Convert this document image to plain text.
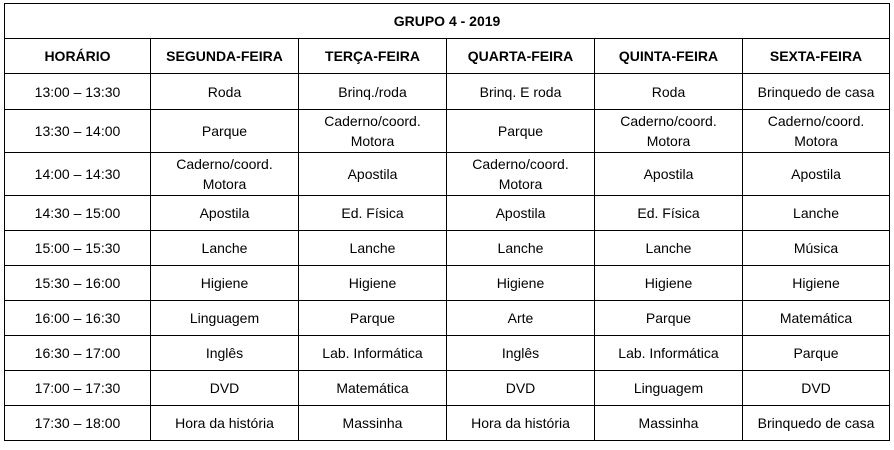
GRUPO 4 - 2019					
HORÁRIO	SEGUNDA-FEIRA	TERÇA-FEIRA	QUARTA-FEIRA	QUINTA-FEIRA	SEXTA-FEIRA
13:00 – 13:30	Roda	Brinq./roda	Brinq. E roda	Roda	Brinquedo de casa
13:30 – 14:00	Parque	Caderno/coord. Motora	Parque	Caderno/coord. Motora	Caderno/coord. Motora
14:00 – 14:30	Caderno/coord. Motora	Apostila	Caderno/coord. Motora	Apostila	Apostila
14:30 – 15:00	Apostila	Ed. Física	Apostila	Ed. Física	Lanche
15:00 – 15:30	Lanche	Lanche	Lanche	Lanche	Música
15:30 – 16:00	Higiene	Higiene	Higiene	Higiene	Higiene
16:00 – 16:30	Linguagem	Parque	Arte	Parque	Matemática
16:30 – 17:00	Inglês	Lab. Informática	Inglês	Lab. Informática	Parque
17:00 – 17:30	DVD	Matemática	DVD	Linguagem	DVD
17:30 – 18:00	Hora da história	Massinha	Hora da história	Massinha	Brinquedo de casa
